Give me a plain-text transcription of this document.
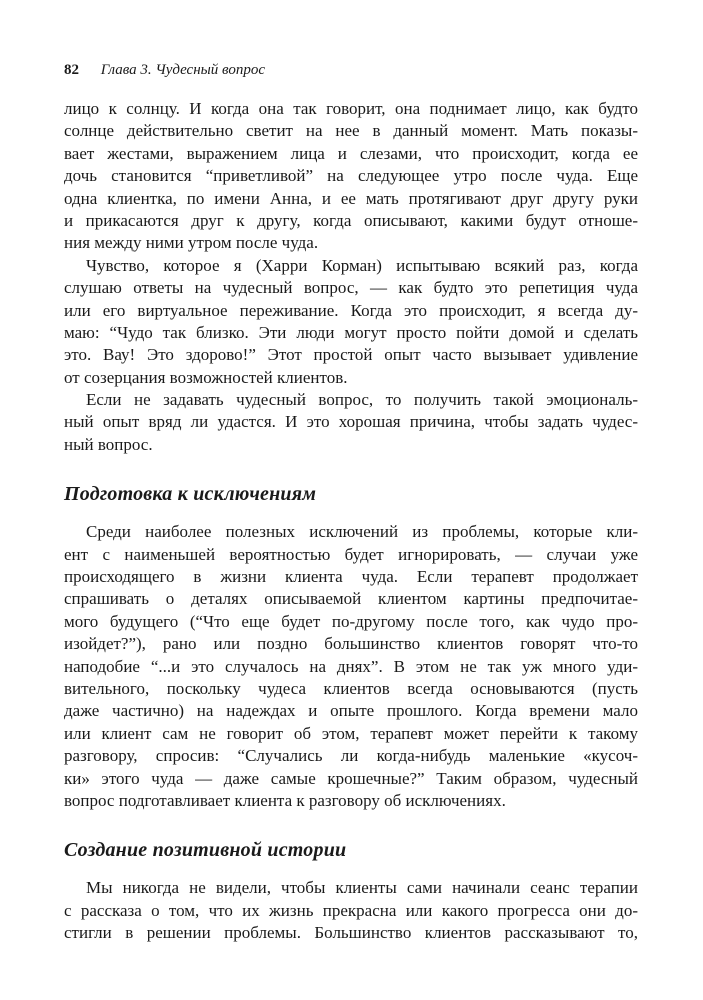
82 Глава 3. Чудесный вопрос
лицо к солнцу. И когда она так говорит, она поднимает лицо, как будто
солнце действительно светит на нее в данный момент. Мать показы-
вает жестами, выражением лица и слезами, что происходит, когда ее
дочь становится “приветливой” на следующее утро после чуда. Еще
одна клиентка, по имени Анна, и ее мать протягивают друг другу руки
и прикасаются друг к другу, когда описывают, какими будут отноше-
ния между ними утром после чуда.
Чувство, которое я (Харри Корман) испытываю всякий раз, когда
слушаю ответы на чудесный вопрос, — как будто это репетиция чуда
или его виртуальное переживание. Когда это происходит, я всегда ду-
маю: “Чудо так близко. Эти люди могут просто пойти домой и сделать
это. Вау! Это здорово!” Этот простой опыт часто вызывает удивление
от созерцания возможностей клиентов.
Если не задавать чудесный вопрос, то получить такой эмоциональ-
ный опыт вряд ли удастся. И это хорошая причина, чтобы задать чудес-
ный вопрос.
Подготовка к исключениям
Среди наиболее полезных исключений из проблемы, которые кли-
ент с наименьшей вероятностью будет игнорировать, — случаи уже
происходящего в жизни клиента чуда. Если терапевт продолжает
спрашивать о деталях описываемой клиентом картины предпочитае-
мого будущего (“Что еще будет по-другому после того, как чудо про-
изойдет?”), рано или поздно большинство клиентов говорят что-то
наподобие “...и это случалось на днях”. В этом не так уж много уди-
вительного, поскольку чудеса клиентов всегда основываются (пусть
даже частично) на надеждах и опыте прошлого. Когда времени мало
или клиент сам не говорит об этом, терапевт может перейти к такому
разговору, спросив: “Случались ли когда-нибудь маленькие «кусоч-
ки» этого чуда — даже самые крошечные?” Таким образом, чудесный
вопрос подготавливает клиента к разговору об исключениях.
Создание позитивной истории
Мы никогда не видели, чтобы клиенты сами начинали сеанс терапии
с рассказа о том, что их жизнь прекрасна или какого прогресса они до-
стигли в решении проблемы. Большинство клиентов рассказывают то,
